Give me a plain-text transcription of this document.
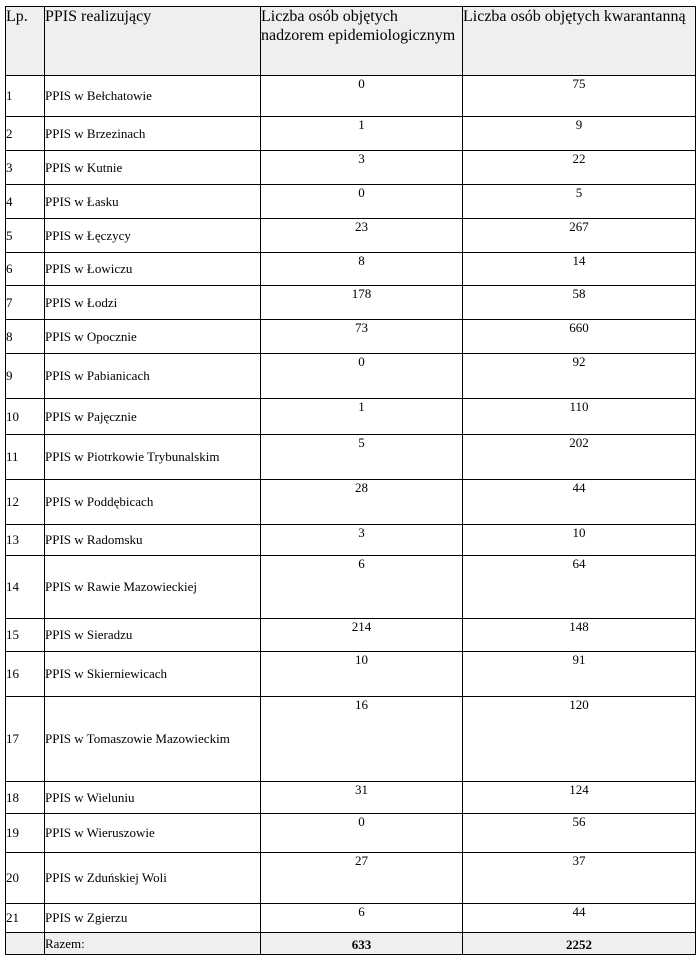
Lp.	PPIS realizujący	Liczba osób objętych nadzorem epidemiologicznym	Liczba osób objętych kwarantanną
1	PPIS w Bełchatowie	0	75
2	PPIS w Brzezinach	1	9
3	PPIS w Kutnie	3	22
4	PPIS w Łasku	0	5
5	PPIS w Łęczycy	23	267
6	PPIS w Łowiczu	8	14
7	PPIS w Łodzi	178	58
8	PPIS w Opocznie	73	660
9	PPIS w Pabianicach	0	92
10	PPIS w Pajęcznie	1	110
11	PPIS w Piotrkowie Trybunalskim	5	202
12	PPIS w Poddębicach	28	44
13	PPIS w Radomsku	3	10
14	PPIS w Rawie Mazowieckiej	6	64
15	PPIS w Sieradzu	214	148
16	PPIS w Skierniewicach	10	91
17	PPIS w Tomaszowie Mazowieckim	16	120
18	PPIS w Wieluniu	31	124
19	PPIS w Wieruszowie	0	56
20	PPIS w Zduńskiej Woli	27	37
21	PPIS w Zgierzu	6	44
	Razem:	633	2252
